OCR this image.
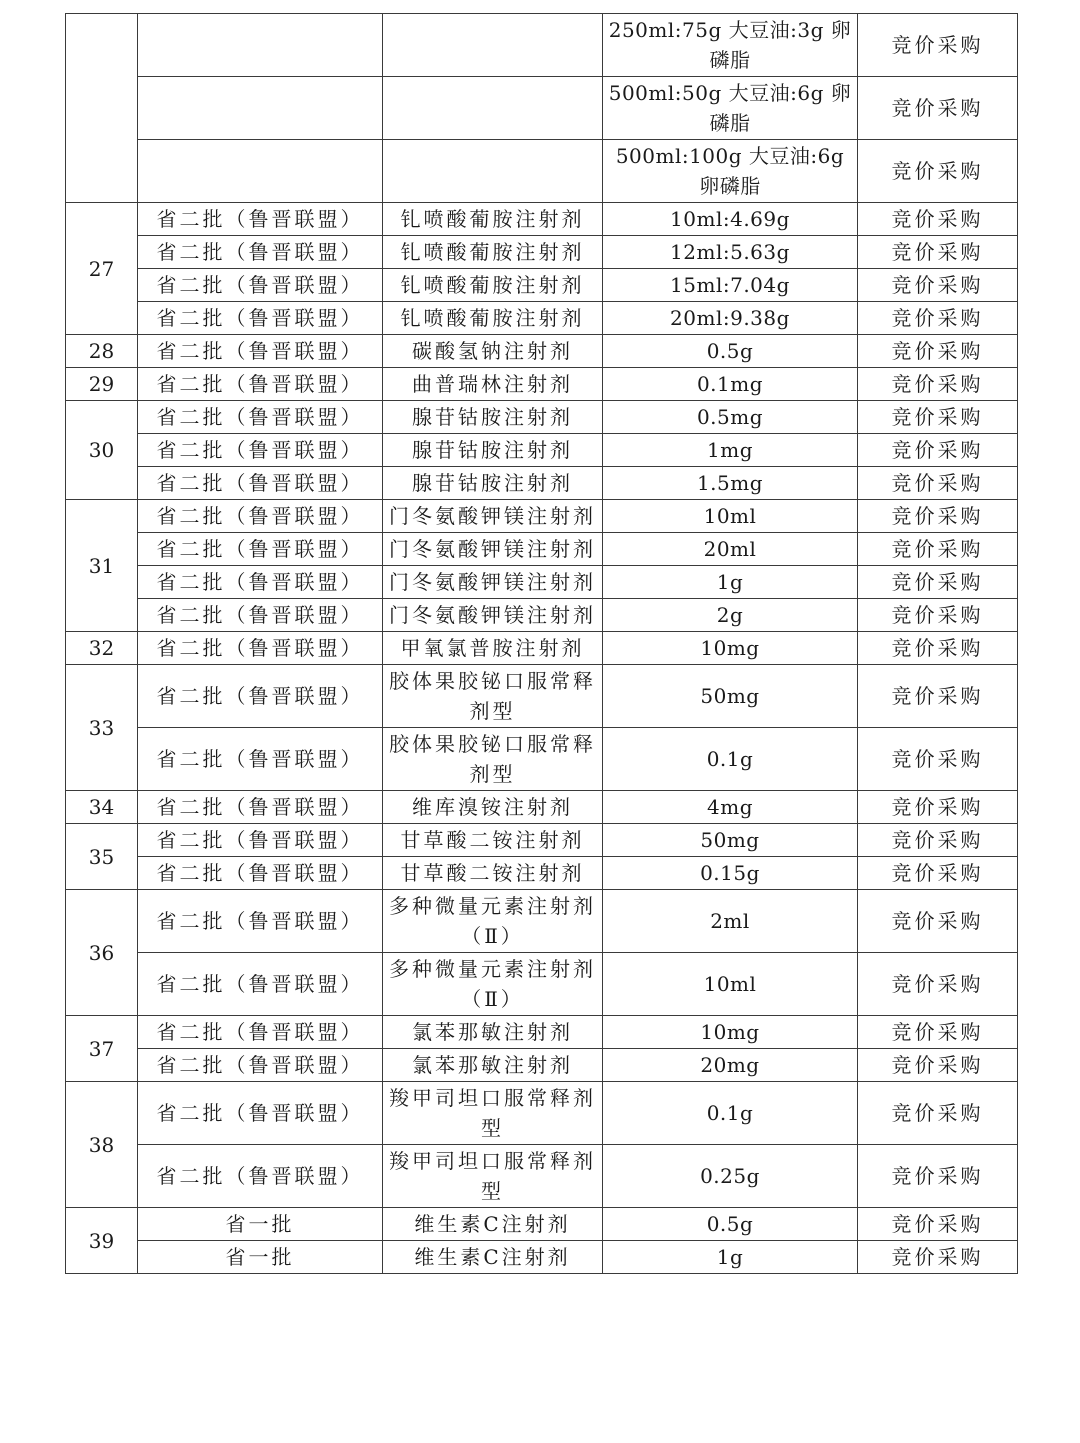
			250ml:75g 大豆油:3g 卵磷脂	竞价采购
			500ml:50g 大豆油:6g 卵磷脂	竞价采购
			500ml:100g 大豆油:6g 卵磷脂	竞价采购
27	省二批（鲁晋联盟）	钆喷酸葡胺注射剂	10ml:4.69g	竞价采购
	省二批（鲁晋联盟）	钆喷酸葡胺注射剂	12ml:5.63g	竞价采购
	省二批（鲁晋联盟）	钆喷酸葡胺注射剂	15ml:7.04g	竞价采购
	省二批（鲁晋联盟）	钆喷酸葡胺注射剂	20ml:9.38g	竞价采购
28	省二批（鲁晋联盟）	碳酸氢钠注射剂	0.5g	竞价采购
29	省二批（鲁晋联盟）	曲普瑞林注射剂	0.1mg	竞价采购
30	省二批（鲁晋联盟）	腺苷钴胺注射剂	0.5mg	竞价采购
	省二批（鲁晋联盟）	腺苷钴胺注射剂	1mg	竞价采购
	省二批（鲁晋联盟）	腺苷钴胺注射剂	1.5mg	竞价采购
31	省二批（鲁晋联盟）	门冬氨酸钾镁注射剂	10ml	竞价采购
	省二批（鲁晋联盟）	门冬氨酸钾镁注射剂	20ml	竞价采购
	省二批（鲁晋联盟）	门冬氨酸钾镁注射剂	1g	竞价采购
	省二批（鲁晋联盟）	门冬氨酸钾镁注射剂	2g	竞价采购
32	省二批（鲁晋联盟）	甲氧氯普胺注射剂	10mg	竞价采购
33	省二批（鲁晋联盟）	胶体果胶铋口服常释剂型	50mg	竞价采购
	省二批（鲁晋联盟）	胶体果胶铋口服常释剂型	0.1g	竞价采购
34	省二批（鲁晋联盟）	维库溴铵注射剂	4mg	竞价采购
35	省二批（鲁晋联盟）	甘草酸二铵注射剂	50mg	竞价采购
	省二批（鲁晋联盟）	甘草酸二铵注射剂	0.15g	竞价采购
36	省二批（鲁晋联盟）	多种微量元素注射剂（Ⅱ）	2ml	竞价采购
	省二批（鲁晋联盟）	多种微量元素注射剂（Ⅱ）	10ml	竞价采购
37	省二批（鲁晋联盟）	氯苯那敏注射剂	10mg	竞价采购
	省二批（鲁晋联盟）	氯苯那敏注射剂	20mg	竞价采购
38	省二批（鲁晋联盟）	羧甲司坦口服常释剂型	0.1g	竞价采购
	省二批（鲁晋联盟）	羧甲司坦口服常释剂型	0.25g	竞价采购
39	省一批	维生素C注射剂	0.5g	竞价采购
	省一批	维生素C注射剂	1g	竞价采购
